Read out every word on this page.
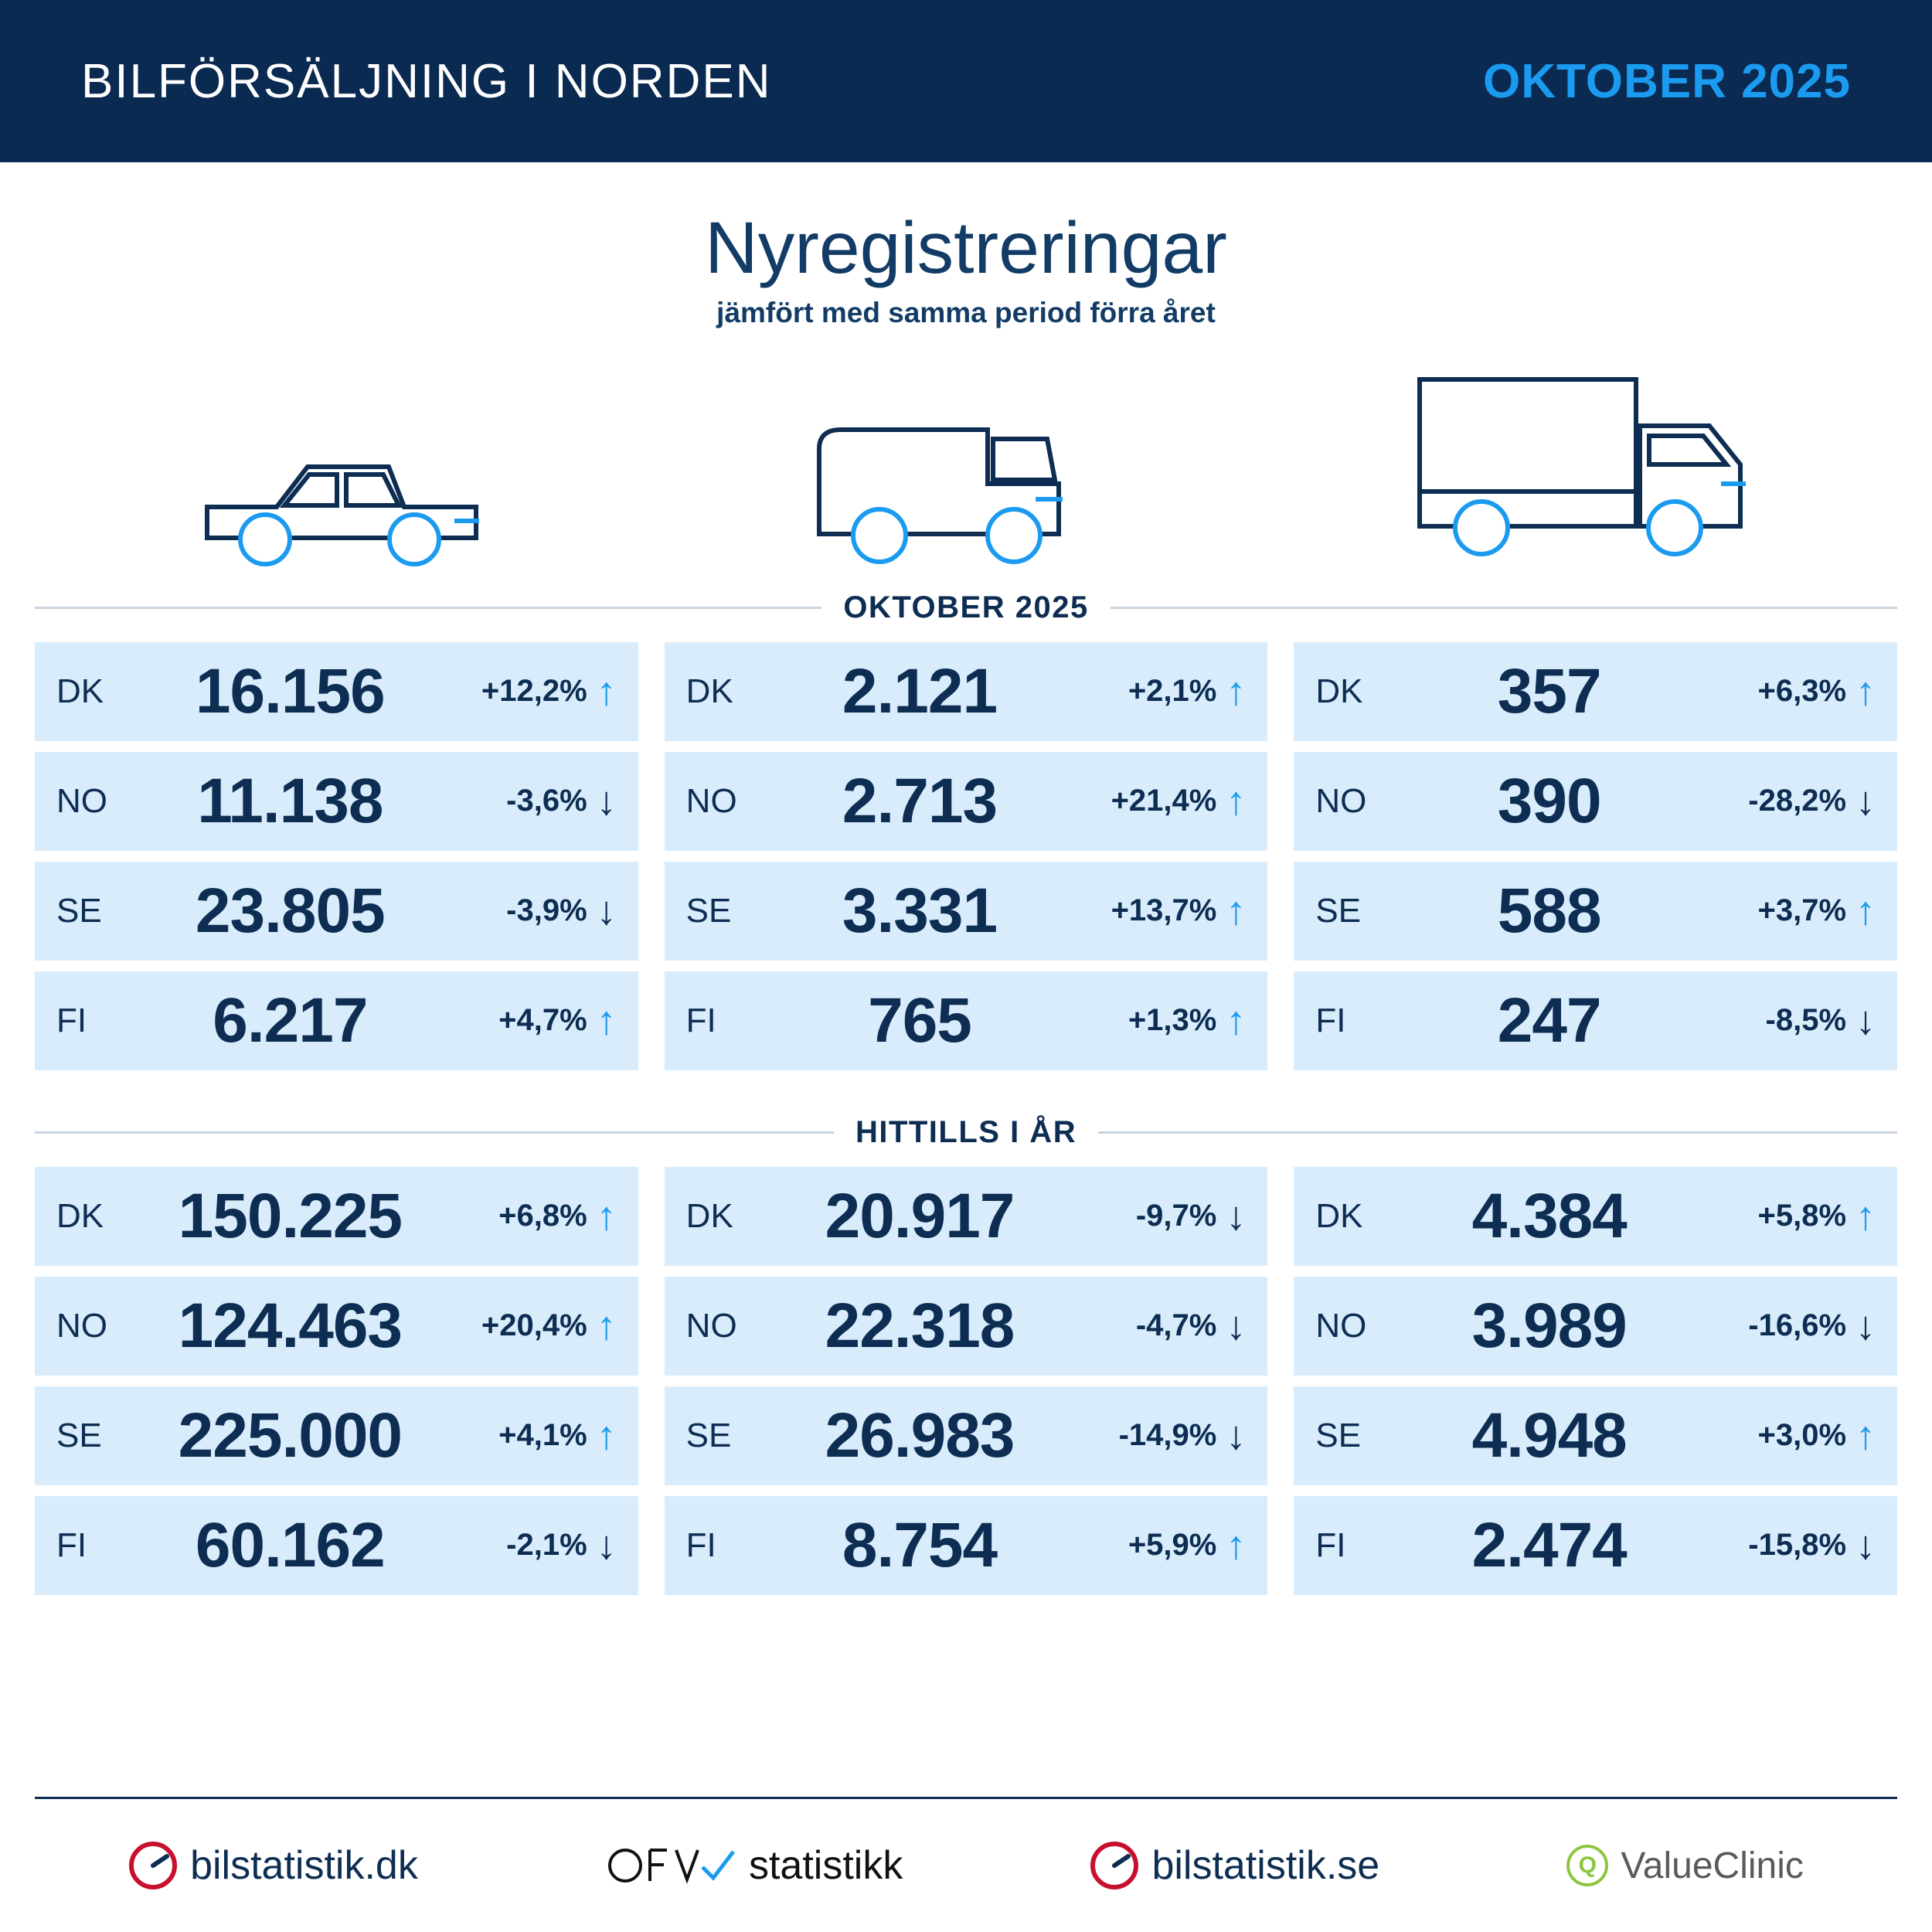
BILFÖRSÄLJNING I NORDEN	OKTOBER 2025
Nyregistreringar
jämfört med samma period förra året
OKTOBER 2025
DK	16.156	+12,2% ↑
NO	11.138	-3,6% ↓
SE	23.805	-3,9% ↓
FI	6.217	+4,7% ↑
DK	2.121	+2,1% ↑
NO	2.713	+21,4% ↑
SE	3.331	+13,7% ↑
FI	765	+1,3% ↑
DK	357	+6,3% ↑
NO	390	-28,2% ↓
SE	588	+3,7% ↑
FI	247	-8,5% ↓
HITTILLS I ÅR
DK	150.225	+6,8% ↑
NO	124.463	+20,4% ↑
SE	225.000	+4,1% ↑
FI	60.162	-2,1% ↓
DK	20.917	-9,7% ↓
NO	22.318	-4,7% ↓
SE	26.983	-14,9% ↓
FI	8.754	+5,9% ↑
DK	4.384	+5,8% ↑
NO	3.989	-16,6% ↓
SE	4.948	+3,0% ↑
FI	2.474	-15,8% ↓
bilstatistik.dk	statistikk	bilstatistik.se	Q ValueClinic
